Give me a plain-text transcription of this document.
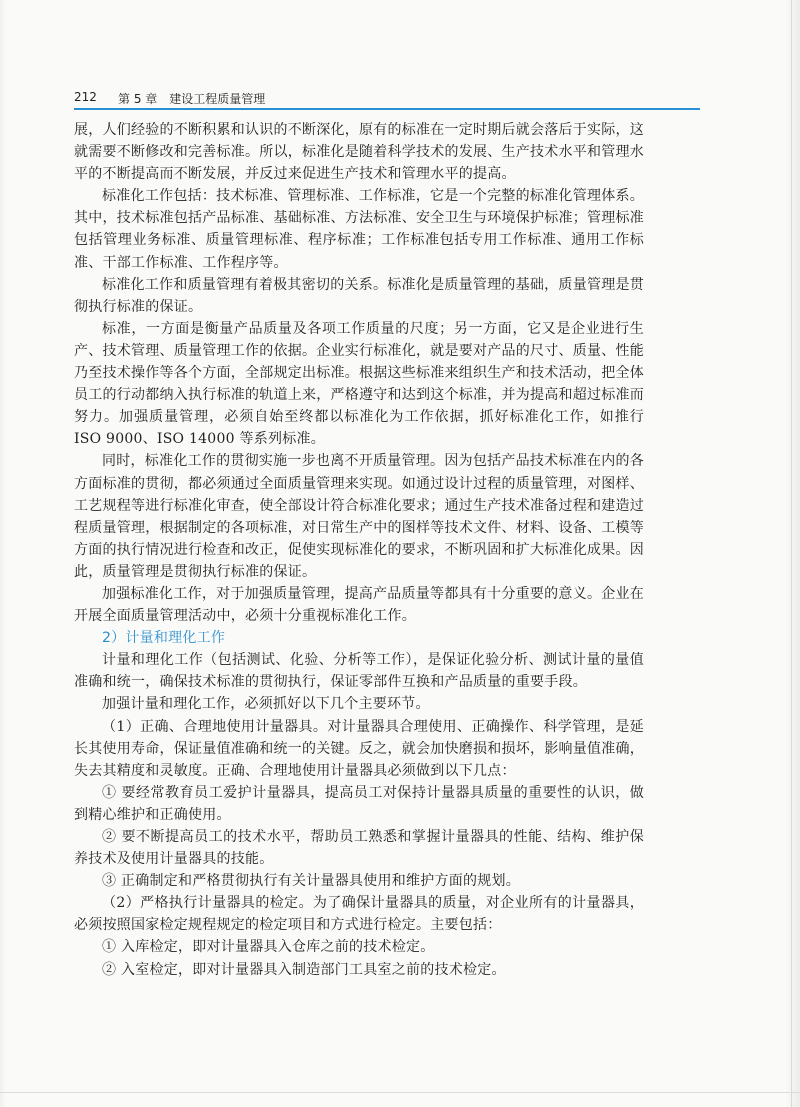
212 第 5 章　建设工程质量管理

展，人们经验的不断积累和认识的不断深化，原有的标准在一定时期后就会落后于实际，这就需要不断修改和完善标准。所以，标准化是随着科学技术的发展、生产技术水平和管理水平的不断提高而不断发展，并反过来促进生产技术和管理水平的提高。

标准化工作包括：技术标准、管理标准、工作标准，它是一个完整的标准化管理体系。其中，技术标准包括产品标准、基础标准、方法标准、安全卫生与环境保护标准；管理标准包括管理业务标准、质量管理标准、程序标准；工作标准包括专用工作标准、通用工作标准、干部工作标准、工作程序等。

标准化工作和质量管理有着极其密切的关系。标准化是质量管理的基础，质量管理是贯彻执行标准的保证。

标准，一方面是衡量产品质量及各项工作质量的尺度；另一方面，它又是企业进行生产、技术管理、质量管理工作的依据。企业实行标准化，就是要对产品的尺寸、质量、性能乃至技术操作等各个方面，全部规定出标准。根据这些标准来组织生产和技术活动，把全体员工的行动都纳入执行标准的轨道上来，严格遵守和达到这个标准，并为提高和超过标准而努力。加强质量管理，必须自始至终都以标准化为工作依据，抓好标准化工作，如推行 ISO 9000、ISO 14000 等系列标准。

同时，标准化工作的贯彻实施一步也离不开质量管理。因为包括产品技术标准在内的各方面标准的贯彻，都必须通过全面质量管理来实现。如通过设计过程的质量管理，对图样、工艺规程等进行标准化审查，使全部设计符合标准化要求；通过生产技术准备过程和建造过程质量管理，根据制定的各项标准，对日常生产中的图样等技术文件、材料、设备、工模等方面的执行情况进行检查和改正，促使实现标准化的要求，不断巩固和扩大标准化成果。因此，质量管理是贯彻执行标准的保证。

加强标准化工作，对于加强质量管理，提高产品质量等都具有十分重要的意义。企业在开展全面质量管理活动中，必须十分重视标准化工作。

2）计量和理化工作

计量和理化工作（包括测试、化验、分析等工作），是保证化验分析、测试计量的量值准确和统一，确保技术标准的贯彻执行，保证零部件互换和产品质量的重要手段。

加强计量和理化工作，必须抓好以下几个主要环节。

（1）正确、合理地使用计量器具。对计量器具合理使用、正确操作、科学管理，是延长其使用寿命，保证量值准确和统一的关键。反之，就会加快磨损和损坏，影响量值准确，失去其精度和灵敏度。正确、合理地使用计量器具必须做到以下几点：

① 要经常教育员工爱护计量器具，提高员工对保持计量器具质量的重要性的认识，做到精心维护和正确使用。

② 要不断提高员工的技术水平，帮助员工熟悉和掌握计量器具的性能、结构、维护保养技术及使用计量器具的技能。

③ 正确制定和严格贯彻执行有关计量器具使用和维护方面的规划。

（2）严格执行计量器具的检定。为了确保计量器具的质量，对企业所有的计量器具，必须按照国家检定规程规定的检定项目和方式进行检定。主要包括：

① 入库检定，即对计量器具入仓库之前的技术检定。

② 入室检定，即对计量器具入制造部门工具室之前的技术检定。
